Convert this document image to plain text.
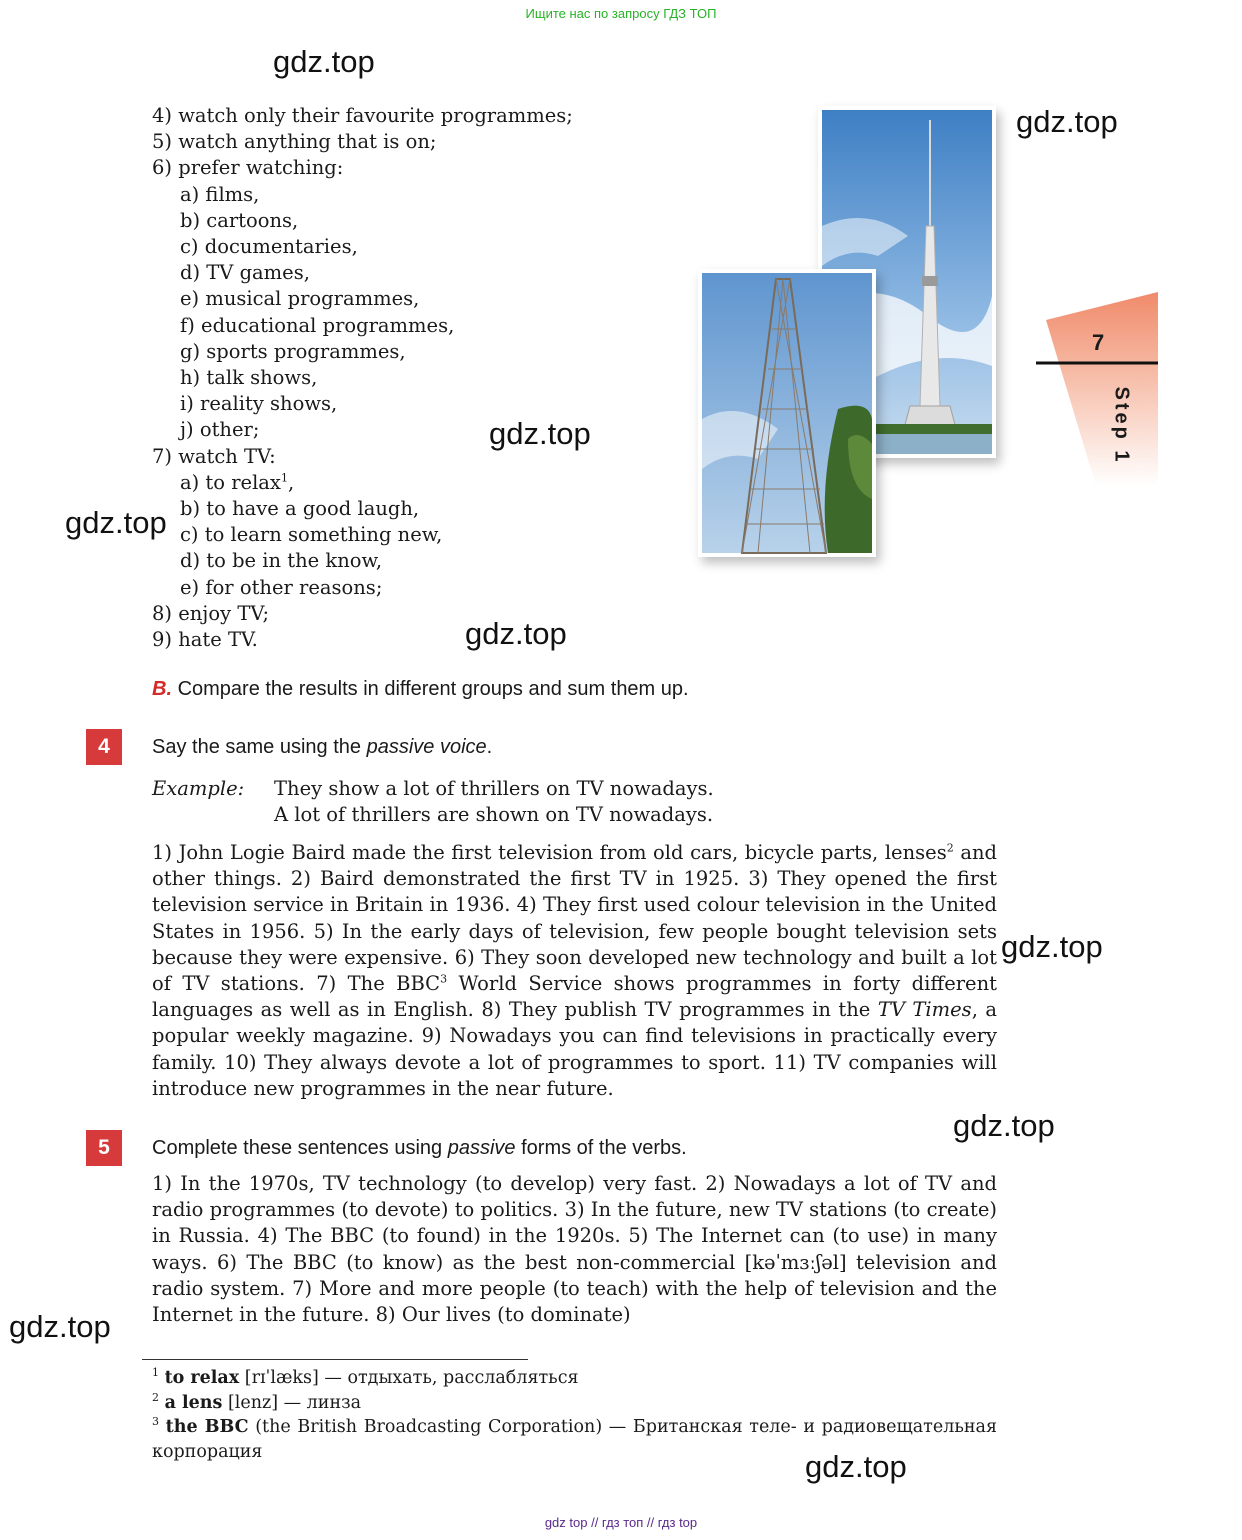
Ищите нас по запросу ГДЗ ТОП
gdz.top
gdz.top
gdz.top
gdz.top
gdz.top
gdz.top
gdz.top
gdz.top
gdz.top
4) watch only their favourite programmes;
5) watch anything that is on;
6) prefer watching:
a) films,
b) cartoons,
c) documentaries,
d) TV games,
e) musical programmes,
f) educational programmes,
g) sports programmes,
h) talk shows,
i) reality shows,
j) other;
7) watch TV:
a) to relax$^1$,
b) to have a good laugh,
c) to learn something new,
d) to be in the know,
e) for other reasons;
8) enjoy TV;
9) hate TV.
7
Step 1
B. Compare the results in different groups and sum them up.
4	Say the same using the passive voice.
Example:	They show a lot of thrillers on TV nowadays.
A lot of thrillers are shown on TV nowadays.

1) John Logie Baird made the first television from old cars, bicycle parts, lenses$^2$ and other things. 2) Baird demonstrated the first TV in 1925. 3) They opened the first television service in Britain in 1936. 4) They first used colour television in the United States in 1956. 5) In the early days of television, few people bought television sets because they were expensive. 6) They soon developed new technology and built a lot of TV stations. 7) The BBC$^3$ World Service shows programmes in forty different languages as well as in English. 8) They publish TV programmes in the TV Times, a popular weekly magazine. 9) Nowadays you can find televisions in practically every family. 10) They always devote a lot of programmes to sport. 11) TV companies will introduce new programmes in the near future.

5	Complete these sentences using passive forms of the verbs.

1) In the 1970s, TV technology (to develop) very fast. 2) Nowadays a lot of TV and radio programmes (to devote) to politics. 3) In the future, new TV stations (to create) in Russia. 4) The BBC (to found) in the 1920s. 5) The Internet can (to use) in many ways. 6) The BBC (to know) as the best non-commercial [kəˈmɜːʃəl] television and radio system. 7) More and more people (to teach) with the help of television and the Internet in the future. 8) Our lives (to dominate)

$^1$ to relax [rɪˈlæks] — отдыхать, расслабляться

$^2$ a lens [lenz] — линза

$^3$ the BBC (the British Broadcasting Corporation) — Британская теле- и радиовещательная корпорация

gdz top // гдз топ // гдз top
